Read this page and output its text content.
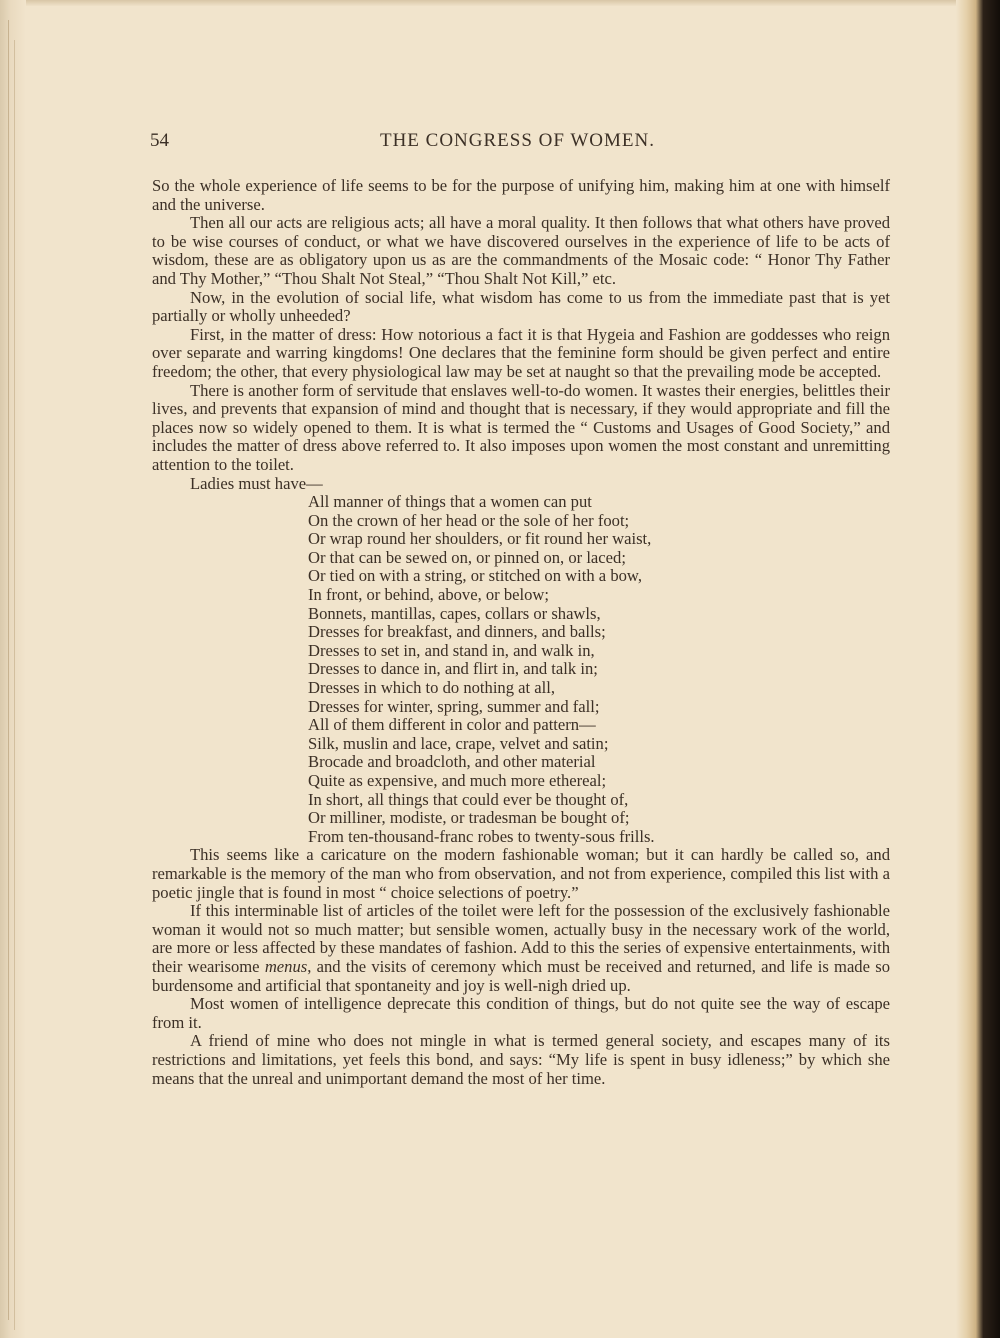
54	THE CONGRESS OF WOMEN.

So the whole experience of life seems to be for the purpose of unifying him, making him at one with himself and the universe.

Then all our acts are religious acts; all have a moral quality. It then follows that what others have proved to be wise courses of conduct, or what we have discovered ourselves in the experience of life to be acts of wisdom, these are as obligatory upon us as are the commandments of the Mosaic code: “ Honor Thy Father and Thy Mother,” “Thou Shalt Not Steal,” “Thou Shalt Not Kill,” etc.

Now, in the evolution of social life, what wisdom has come to us from the immediate past that is yet partially or wholly unheeded?

First, in the matter of dress: How notorious a fact it is that Hygeia and Fashion are goddesses who reign over separate and warring kingdoms! One declares that the feminine form should be given perfect and entire freedom; the other, that every physiological law may be set at naught so that the prevailing mode be accepted.

There is another form of servitude that enslaves well-to-do women. It wastes their energies, belittles their lives, and prevents that expansion of mind and thought that is necessary, if they would appropriate and fill the places now so widely opened to them. It is what is termed the “ Customs and Usages of Good Society,” and includes the matter of dress above referred to. It also imposes upon women the most constant and unremitting attention to the toilet.

Ladies must have—

All manner of things that a women can put
On the crown of her head or the sole of her foot;
Or wrap round her shoulders, or fit round her waist,
Or that can be sewed on, or pinned on, or laced;
Or tied on with a string, or stitched on with a bow,
In front, or behind, above, or below;
Bonnets, mantillas, capes, collars or shawls,
Dresses for breakfast, and dinners, and balls;
Dresses to set in, and stand in, and walk in,
Dresses to dance in, and flirt in, and talk in;
Dresses in which to do nothing at all,
Dresses for winter, spring, summer and fall;
All of them different in color and pattern—
Silk, muslin and lace, crape, velvet and satin;
Brocade and broadcloth, and other material
Quite as expensive, and much more ethereal;
In short, all things that could ever be thought of,
Or milliner, modiste, or tradesman be bought of;
From ten-thousand-franc robes to twenty-sous frills.

This seems like a caricature on the modern fashionable woman; but it can hardly be called so, and remarkable is the memory of the man who from observation, and not from experience, compiled this list with a poetic jingle that is found in most “ choice selections of poetry.”

If this interminable list of articles of the toilet were left for the possession of the exclusively fashionable woman it would not so much matter; but sensible women, actually busy in the necessary work of the world, are more or less affected by these mandates of fashion. Add to this the series of expensive entertainments, with their wearisome menus, and the visits of ceremony which must be received and returned, and life is made so burdensome and artificial that spontaneity and joy is well-nigh dried up.

Most women of intelligence deprecate this condition of things, but do not quite see the way of escape from it.

A friend of mine who does not mingle in what is termed general society, and escapes many of its restrictions and limitations, yet feels this bond, and says: “My life is spent in busy idleness;” by which she means that the unreal and unimportant demand the most of her time.
